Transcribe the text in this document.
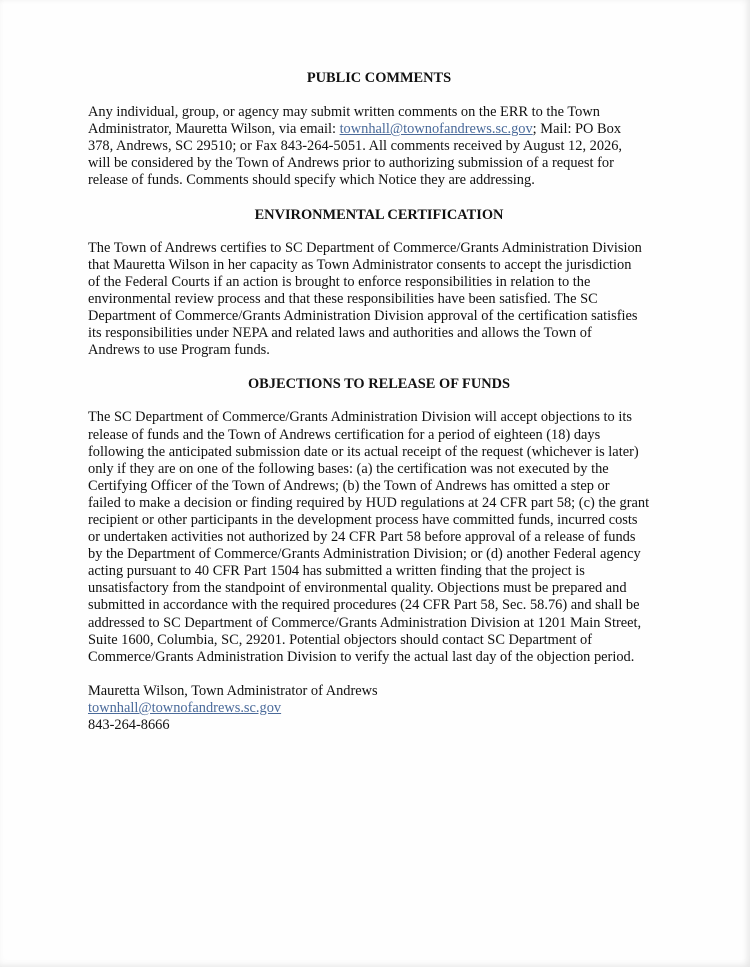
PUBLIC COMMENTS

Any individual, group, or agency may submit written comments on the ERR to the Town
Administrator, Mauretta Wilson, via email: townhall@townofandrews.sc.gov; Mail: PO Box
378, Andrews, SC 29510; or Fax 843-264-5051. All comments received by August 12, 2026,
will be considered by the Town of Andrews prior to authorizing submission of a request for
release of funds. Comments should specify which Notice they are addressing.

ENVIRONMENTAL CERTIFICATION

The Town of Andrews certifies to SC Department of Commerce/Grants Administration Division
that Mauretta Wilson in her capacity as Town Administrator consents to accept the jurisdiction
of the Federal Courts if an action is brought to enforce responsibilities in relation to the
environmental review process and that these responsibilities have been satisfied. The SC
Department of Commerce/Grants Administration Division approval of the certification satisfies
its responsibilities under NEPA and related laws and authorities and allows the Town of
Andrews to use Program funds.

OBJECTIONS TO RELEASE OF FUNDS

The SC Department of Commerce/Grants Administration Division will accept objections to its
release of funds and the Town of Andrews certification for a period of eighteen (18) days
following the anticipated submission date or its actual receipt of the request (whichever is later)
only if they are on one of the following bases: (a) the certification was not executed by the
Certifying Officer of the Town of Andrews; (b) the Town of Andrews has omitted a step or
failed to make a decision or finding required by HUD regulations at 24 CFR part 58; (c) the grant
recipient or other participants in the development process have committed funds, incurred costs
or undertaken activities not authorized by 24 CFR Part 58 before approval of a release of funds
by the Department of Commerce/Grants Administration Division; or (d) another Federal agency
acting pursuant to 40 CFR Part 1504 has submitted a written finding that the project is
unsatisfactory from the standpoint of environmental quality. Objections must be prepared and
submitted in accordance with the required procedures (24 CFR Part 58, Sec. 58.76) and shall be
addressed to SC Department of Commerce/Grants Administration Division at 1201 Main Street,
Suite 1600, Columbia, SC, 29201. Potential objectors should contact SC Department of
Commerce/Grants Administration Division to verify the actual last day of the objection period.

Mauretta Wilson, Town Administrator of Andrews
townhall@townofandrews.sc.gov
843-264-8666
